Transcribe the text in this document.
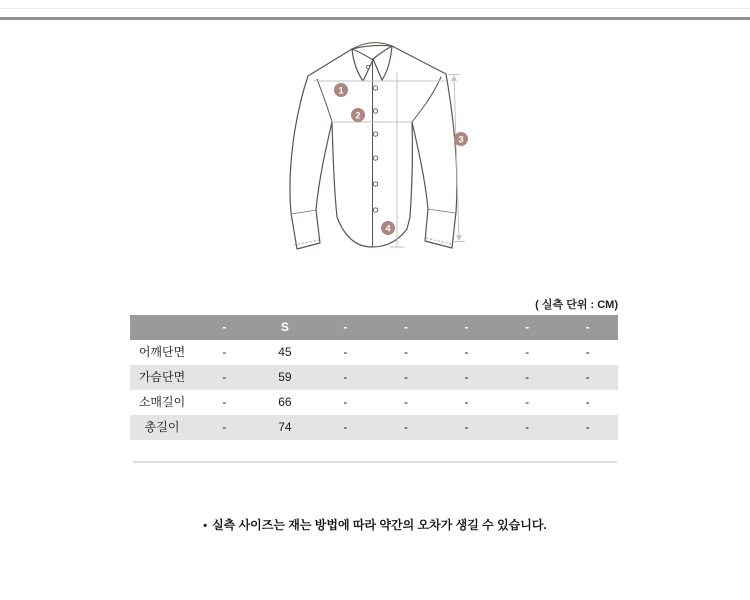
1
2
3
4
( 실측 단위 : CM)
	-	S	-	-	-	-	-
어깨단면	-	45	-	-	-	-	-
가슴단면	-	59	-	-	-	-	-
소매길이	-	66	-	-	-	-	-
총길이	-	74	-	-	-	-	-
• 실측 사이즈는 재는 방법에 따라 약간의 오차가 생길 수 있습니다.
